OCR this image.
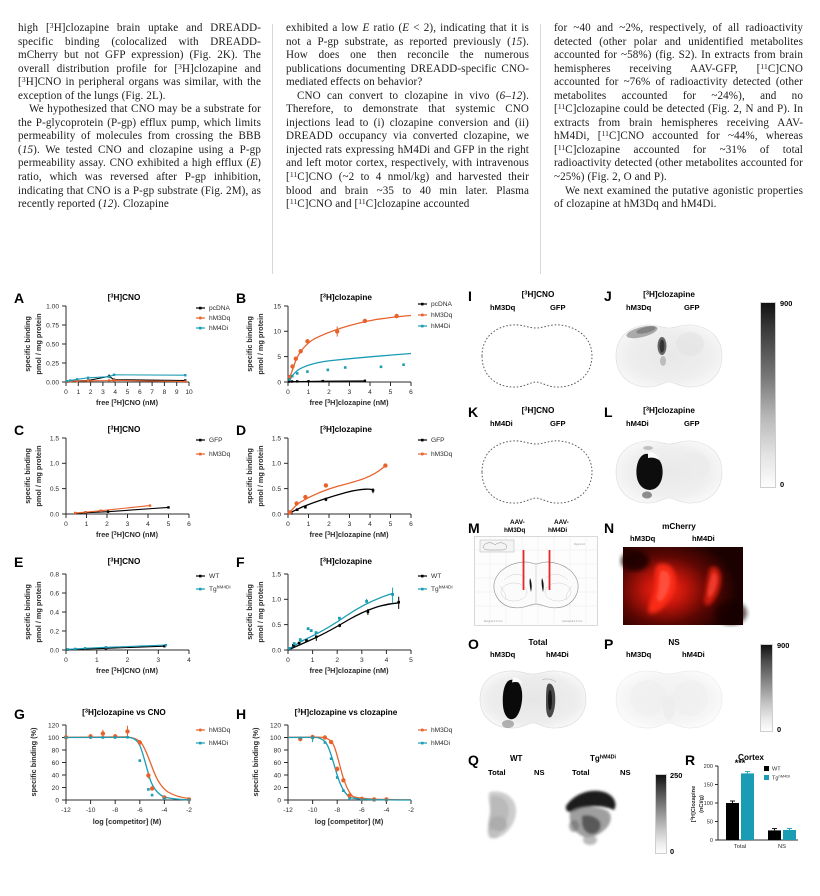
high [$^3$H]clozapine brain uptake and DREADD-specific binding (colocalized with DREADD-mCherry but not GFP expression) (Fig. 2K). The overall distribution profile for [$^3$H]clozapine and [$^3$H]CNO in peripheral organs was similar, with the exception of the lungs (Fig. 2L).

We hypothesized that CNO may be a substrate for the P-glycoprotein (P-gp) efflux pump, which limits permeability of molecules from crossing the BBB (15). We tested CNO and clozapine using a P-gp permeability assay. CNO exhibited a high efflux (E) ratio, which was reversed after P-gp inhibition, indicating that CNO is a P-gp substrate (Fig. 2M), as recently reported (12). Clozapine

exhibited a low E ratio (E < 2), indicating that it is not a P-gp substrate, as reported previously (15). How does one then reconcile the numerous publications documenting DREADD-specific CNO-mediated effects on behavior?

CNO can convert to clozapine in vivo (6–12). Therefore, to demonstrate that systemic CNO injections lead to (i) clozapine conversion and (ii) DREADD occupancy via converted clozapine, we injected rats expressing hM4Di and GFP in the right and left motor cortex, respectively, with intravenous [$^{11}$C]CNO (~2 to 4 nmol/kg) and harvested their blood and brain ~35 to 40 min later. Plasma [$^{11}$C]CNO and [$^{11}$C]clozapine accounted

for ~40 and ~2%, respectively, of all radioactivity detected (other polar and unidentified metabolites accounted for ~58%) (fig. S2). In extracts from brain hemispheres receiving AAV-GFP, [$^{11}$C]CNO accounted for ~76% of radioactivity detected (other metabolites accounted for ~24%), and no [$^{11}$C]clozapine could be detected (Fig. 2, N and P). In extracts from brain hemispheres receiving AAV-hM4Di, [$^{11}$C]CNO accounted for ~44%, whereas [$^{11}$C]clozapine accounted for ~31% of total radioactivity detected (other metabolites accounted for ~25%) (Fig. 2, O and P).

We next examined the putative agonistic properties of clozapine at hM3Dq and hM4Di.

A	[$^3$H]CNO
1.00
0.75
0.50
0.25
0.00
0 1 2 3 4 5 6 7 8 9 10
free [$^3$H]CNO (nM)
specific binding pmol / mg protein
pcDNA
hM3Dq
hM4Di
B	[$^3$H]clozapine
15
10
5
0
0	1	2	3	4	5	6
free [$^3$H]clozapine (nM)
specific binding pmol / mg protein
pcDNA
hM3Dq
hM4Di
C	[$^3$H]CNO
1.5
1.0
0.5
0.0
0	1	2	3	4	5	6
free [$^3$H]CNO (nM)
specific binding pmol / mg protein
GFP
hM3Dq
D	[$^3$H]clozapine
1.5
1.0
0.5
0.0
0	1	2	3	4	5	6
free [$^3$H]clozapine (nM)
specific binding pmol / mg protein
GFP
hM3Dq
E	[$^3$H]CNO
0.8
0.6
0.4
0.2
0.0
0	1	2	3	4
free [$^3$H]CNO (nM)
specific binding pmol / mg protein
WT
$Tg^{hM4Di}$
F	[$^3$H]clozapine
1.5
1.0
0.5
0.0
0	1	2	3	4	5
free [$^3$H]clozapine (nM)
specific binding pmol / mg protein
WT
$Tg^{hM4Di}$
G	[$^3$H]clozapine vs CNO
120
100
80
60
40
20
0
-12 -10	-8	-6	-4	-2
log [competitor] (M)
specific binding (%)	hM3Dq
hM4Di
H	[$^3$H]clozapine vs clozapine
120
100
80
60
40
20
0
-12 -10	-8	-6	-4	-2
log [competitor] (M)
specific binding (%)	hM3Dq
hM4Di
I	[$^3$H]CNO
hM3Dq	GFP
J	[$^3$H]clozapine
hM3Dq	GFP	900
0
K	[$^3$H]CNO
hM4Di	GFP
L	[$^3$H]clozapine
hM4Di	GFP
M	AAV-
hM3Dq
AAV-
hM4Di
Bregma 0.2 mm	Interaural 9.2 mm
Figure 12
N	mCherry
hM3Dq	hM4Di
O	Total
hM3Dq	hM4Di
P	NS
hM3Dq	hM4Di
900
0
Q	WT	$Tg^{hM4Di}$
Total	NS	Total	NS	250
0
R	Cortex
200
150
100
50
0
[$^3$H]Clozapine (nCi/g)
***
Total	NS
WT
$Tg^{hM4Di}$
